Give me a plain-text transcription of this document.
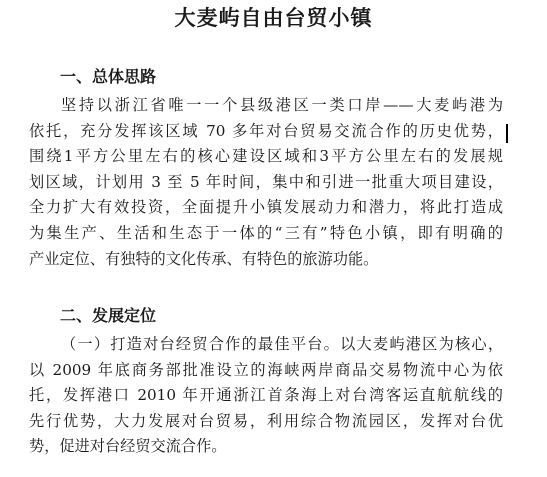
大麦屿自由台贸小镇
一、总体思路
坚持以浙江省唯一一个县级港区一类口岸——大麦屿港为
依托，充分发挥该区域 70 多年对台贸易交流合作的历史优势，
围绕1平方公里左右的核心建设区域和3平方公里左右的发展规
划区域，计划用 3 至 5 年时间，集中和引进一批重大项目建设，
全力扩大有效投资，全面提升小镇发展动力和潜力，将此打造成
为集生产、生活和生态于一体的“三有”特色小镇，即有明确的
产业定位、有独特的文化传承、有特色的旅游功能。
二、发展定位
（一）打造对台经贸合作的最佳平台。以大麦屿港区为核心，
以 2009 年底商务部批准设立的海峡两岸商品交易物流中心为依
托，发挥港口 2010 年开通浙江首条海上对台湾客运直航航线的
先行优势，大力发展对台贸易，利用综合物流园区，发挥对台优
势，促进对台经贸交流合作。
